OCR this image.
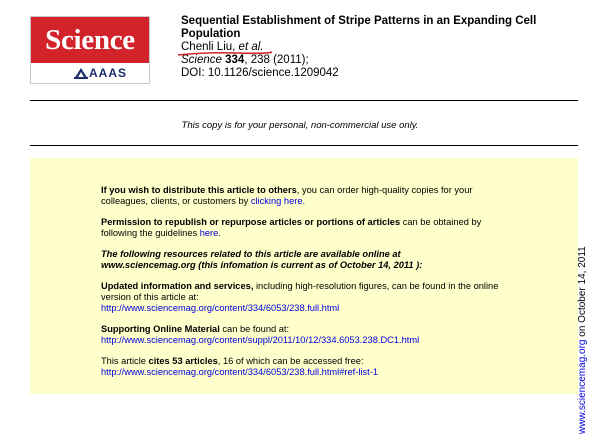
Science
AAAS
Sequential Establishment of Stripe Patterns in an Expanding Cell
Population
Chenli Liu, et al.
Science 334, 238 (2011);
DOI: 10.1126/science.1209042
This copy is for your personal, non-commercial use only.

If you wish to distribute this article to others, you can order high-quality copies for your

colleagues, clients, or customers by clicking here.

Permission to republish or repurpose articles or portions of articles can be obtained by

following the guidelines here.

The following resources related to this article are available online at

www.sciencemag.org (this infomation is current as of October 14, 2011 ):

Updated information and services, including high-resolution figures, can be found in the online

version of this article at:

http://www.sciencemag.org/content/334/6053/238.full.html

Supporting Online Material can be found at:

http://www.sciencemag.org/content/suppl/2011/10/12/334.6053.238.DC1.html

This article cites 53 articles, 16 of which can be accessed free:

http://www.sciencemag.org/content/334/6053/238.full.html#ref-list-1	www.sciencemag.org on October 14, 2011
